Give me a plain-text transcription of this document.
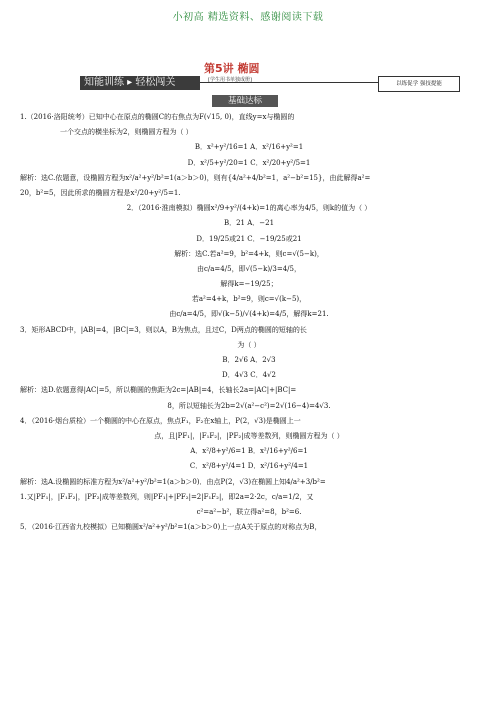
小初高 精选资料、感谢阅读下载
知能训练 ▸ 轻松闯关
第5讲 椭圆
[学生用书单独成册]
以练促学 强技提能
基础达标
1.（2016·洛阳统考）已知中心在原点的椭圆C的右焦点为F(√15, 0)，直线y=x与椭圆的
一个交点的横坐标为2，则椭圆方程为（ ）
B．x²+y²/16=1 A．x²/16+y²=1
D．x²/5+y²/20=1 C．x²/20+y²/5=1
解析：选C.依题意，设椭圆方程为x²/a²+y²/b²=1(a＞b＞0)，则有{4/a²+4/b²=1，a²−b²=15}，由此解得a²=
20，b²=5，因此所求的椭圆方程是x²/20+y²/5=1.
2．（2016·淮南模拟）椭圆x²/9+y²/(4+k)=1的离心率为4/5，则k的值为（ ）
B．21 A．−21
D．19/25或21 C．−19/25或21
解析：选C.若a²=9，b²=4+k，则c=√(5−k)，
由c/a=4/5，即√(5−k)/3=4/5，
解得k=−19/25；
若a²=4+k，b²=9，则c=√(k−5)，
由c/a=4/5，即√(k−5)/√(4+k)=4/5，解得k=21.
3．矩形ABCD中，|AB|=4，|BC|=3，则以A，B为焦点，且过C，D两点的椭圆的短轴的长
为（ ）
B．2√6 A．2√3
D．4√3 C．4√2
解析：选D.依题意得|AC|=5，所以椭圆的焦距为2c=|AB|=4，长轴长2a=|AC|+|BC|=
8，所以短轴长为2b=2√(a²−c²)=2√(16−4)=4√3.
4．（2016·烟台质检）一个椭圆的中心在原点，焦点F₁，F₂在x轴上，P(2，√3)是椭圆上一
点，且|PF₁|，|F₁F₂|，|PF₂|成等差数列，则椭圆方程为（ ）
A．x²/8+y²/6=1 B．x²/16+y²/6=1
C．x²/8+y²/4=1 D．x²/16+y²/4=1
解析：选A.设椭圆的标准方程为x²/a²+y²/b²=1(a＞b＞0)．由点P(2，√3)在椭圆上知4/a²+3/b²=
1.又|PF₁|，|F₁F₂|，|PF₂|成等差数列，则|PF₁|+|PF₂|=2|F₁F₂|，即2a=2·2c，c/a=1/2，又
c²=a²−b²，联立得a²=8，b²=6.
5．（2016·江西省九校模拟）已知椭圆x²/a²+y²/b²=1(a＞b＞0)上一点A关于原点的对称点为B，
